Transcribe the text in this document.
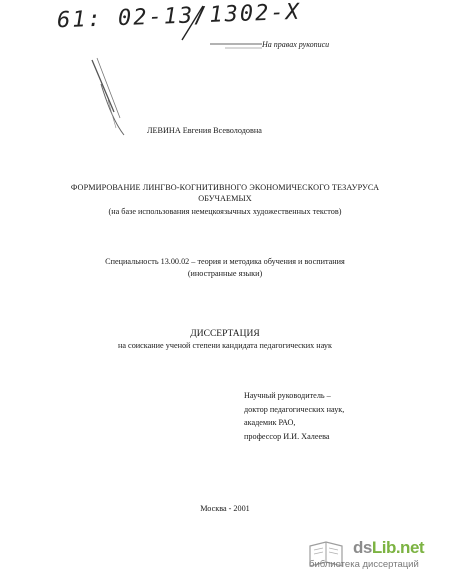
61: 02-13/1302-X
На правах рукописи
ЛЕВИНА Евгения Всеволодовна
ФОРМИРОВАНИЕ ЛИНГВО-КОГНИТИВНОГО ЭКОНОМИЧЕСКОГО ТЕЗАУРУСА
ОБУЧАЕМЫХ
(на базе использования немецкоязычных художественных текстов)
Специальность 13.00.02 – теория и методика обучения и воспитания
(иностранные языки)
ДИССЕРТАЦИЯ
на соискание ученой степени кандидата педагогических наук
Научный руководитель –
доктор педагогических наук,
академик РАО,
профессор И.И. Халеева
Москва - 2001
dsLib.net
библиотека диссертаций
